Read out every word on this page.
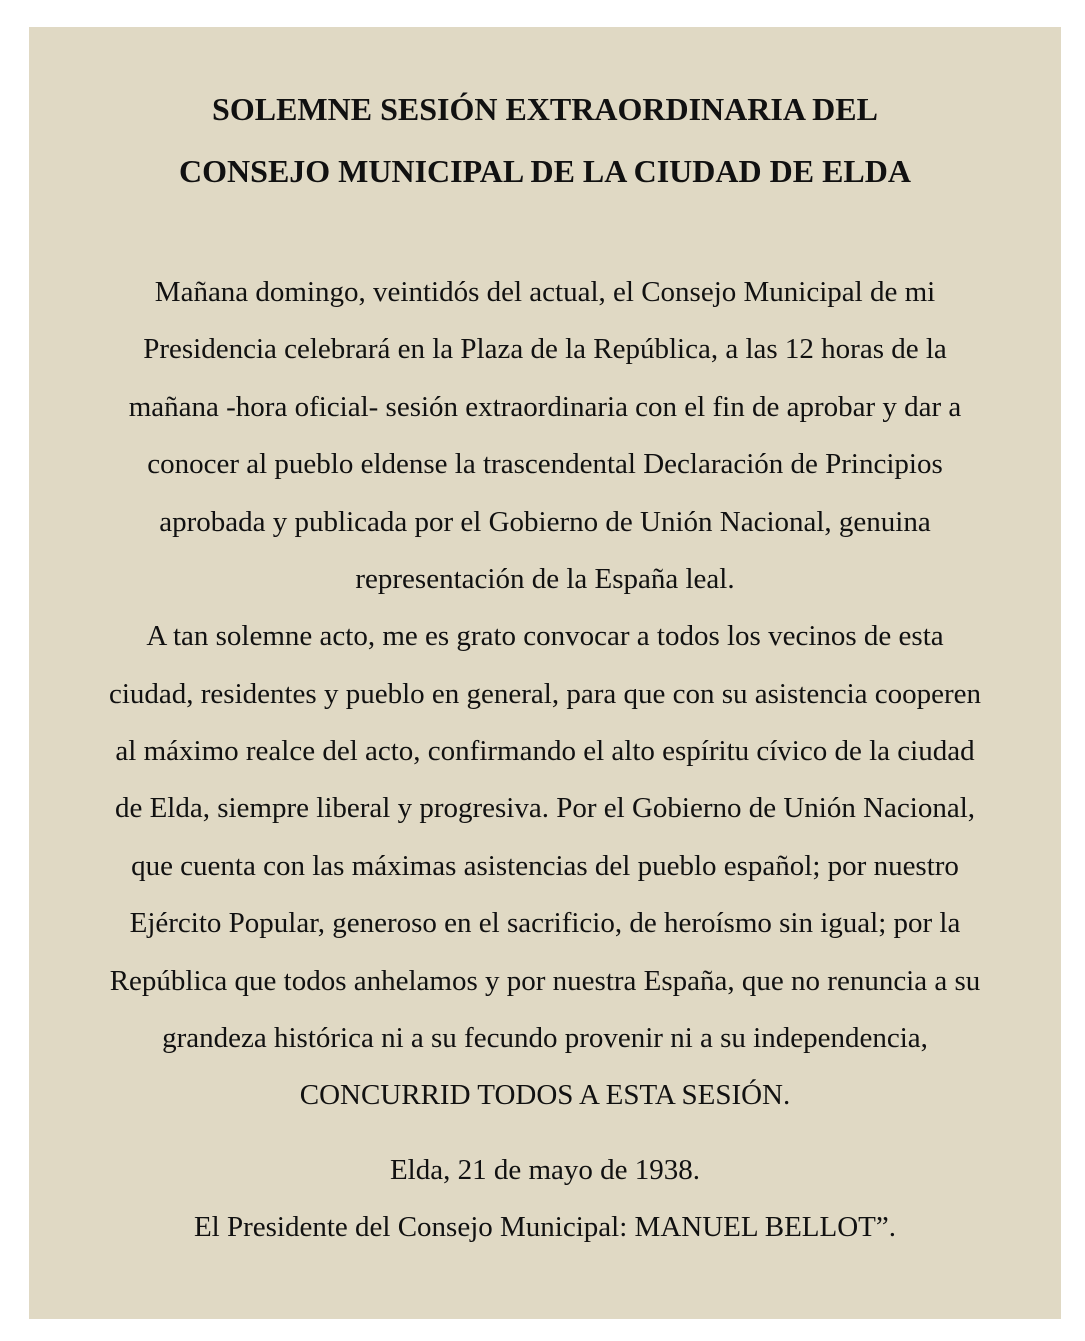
SOLEMNE SESIÓN EXTRAORDINARIA DEL
CONSEJO MUNICIPAL DE LA CIUDAD DE ELDA

Mañana domingo, veintidós del actual, el Consejo Municipal de mi

Presidencia celebrará en la Plaza de la República, a las 12 horas de la

mañana -hora oficial- sesión extraordinaria con el fin de aprobar y dar a

conocer al pueblo eldense la trascendental Declaración de Principios

aprobada y publicada por el Gobierno de Unión Nacional, genuina

representación de la España leal.

A tan solemne acto, me es grato convocar a todos los vecinos de esta

ciudad, residentes y pueblo en general, para que con su asistencia cooperen

al máximo realce del acto, confirmando el alto espíritu cívico de la ciudad

de Elda, siempre liberal y progresiva. Por el Gobierno de Unión Nacional,

que cuenta con las máximas asistencias del pueblo español; por nuestro

Ejército Popular, generoso en el sacrificio, de heroísmo sin igual; por la

República que todos anhelamos y por nuestra España, que no renuncia a su

grandeza histórica ni a su fecundo provenir ni a su independencia,

CONCURRID TODOS A ESTA SESIÓN.

Elda, 21 de mayo de 1938.

El Presidente del Consejo Municipal: MANUEL BELLOT”.
